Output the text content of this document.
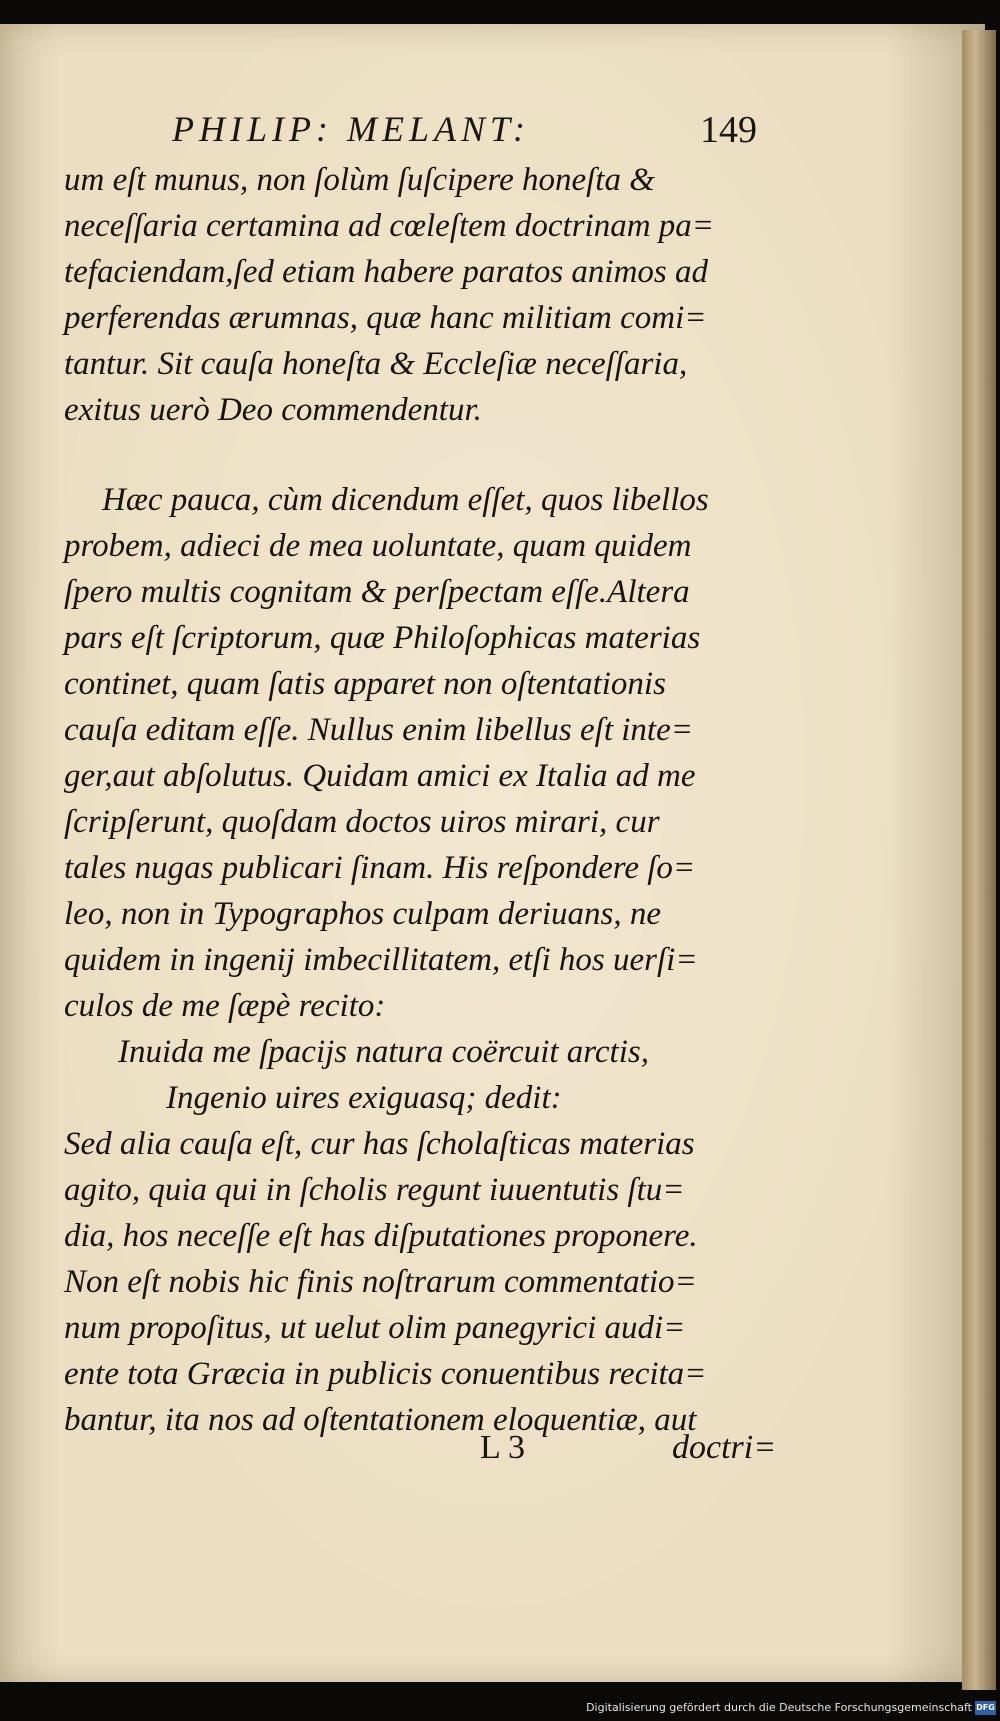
PHILIP: MELANT:	149
um eſt munus, non ſolùm ſuſcipere honeſta &
neceſſaria certamina ad cœleſtem doctrinam pa=
tefaciendam,ſed etiam habere paratos animos ad
perferendas ærumnas, quæ hanc militiam comi=
tantur. Sit cauſa honeſta & Eccleſiæ neceſſaria,
exitus uerò Deo commendentur.
Hæc pauca, cùm dicendum eſſet, quos libellos
probem, adieci de mea uoluntate, quam quidem
ſpero multis cognitam & perſpectam eſſe.Altera
pars eſt ſcriptorum, quæ Philoſophicas materias
continet, quam ſatis apparet non oſtentationis
cauſa editam eſſe. Nullus enim libellus eſt inte=
ger,aut abſolutus. Quidam amici ex Italia ad me
ſcripſerunt, quoſdam doctos uiros mirari, cur
tales nugas publicari ſinam. His reſpondere ſo=
leo, non in Typographos culpam deriuans, ne
quidem in ingenij imbecillitatem, etſi hos uerſi=
culos de me ſæpè recito:
Inuida me ſpacijs natura coërcuit arctis,
Ingenio uires exiguasq; dedit:
Sed alia cauſa eſt, cur has ſcholaſticas materias
agito, quia qui in ſcholis regunt iuuentutis ſtu=
dia, hos neceſſe eſt has diſputationes proponere.
Non eſt nobis hic finis noſtrarum commentatio=
num propoſitus, ut uelut olim panegyrici audi=
ente tota Græcia in publicis conuentibus recita=
bantur, ita nos ad oſtentationem eloquentiæ, aut
L 3	doctri=
Digitalisierung gefördert durch die Deutsche Forschungsgemeinschaft DFG
